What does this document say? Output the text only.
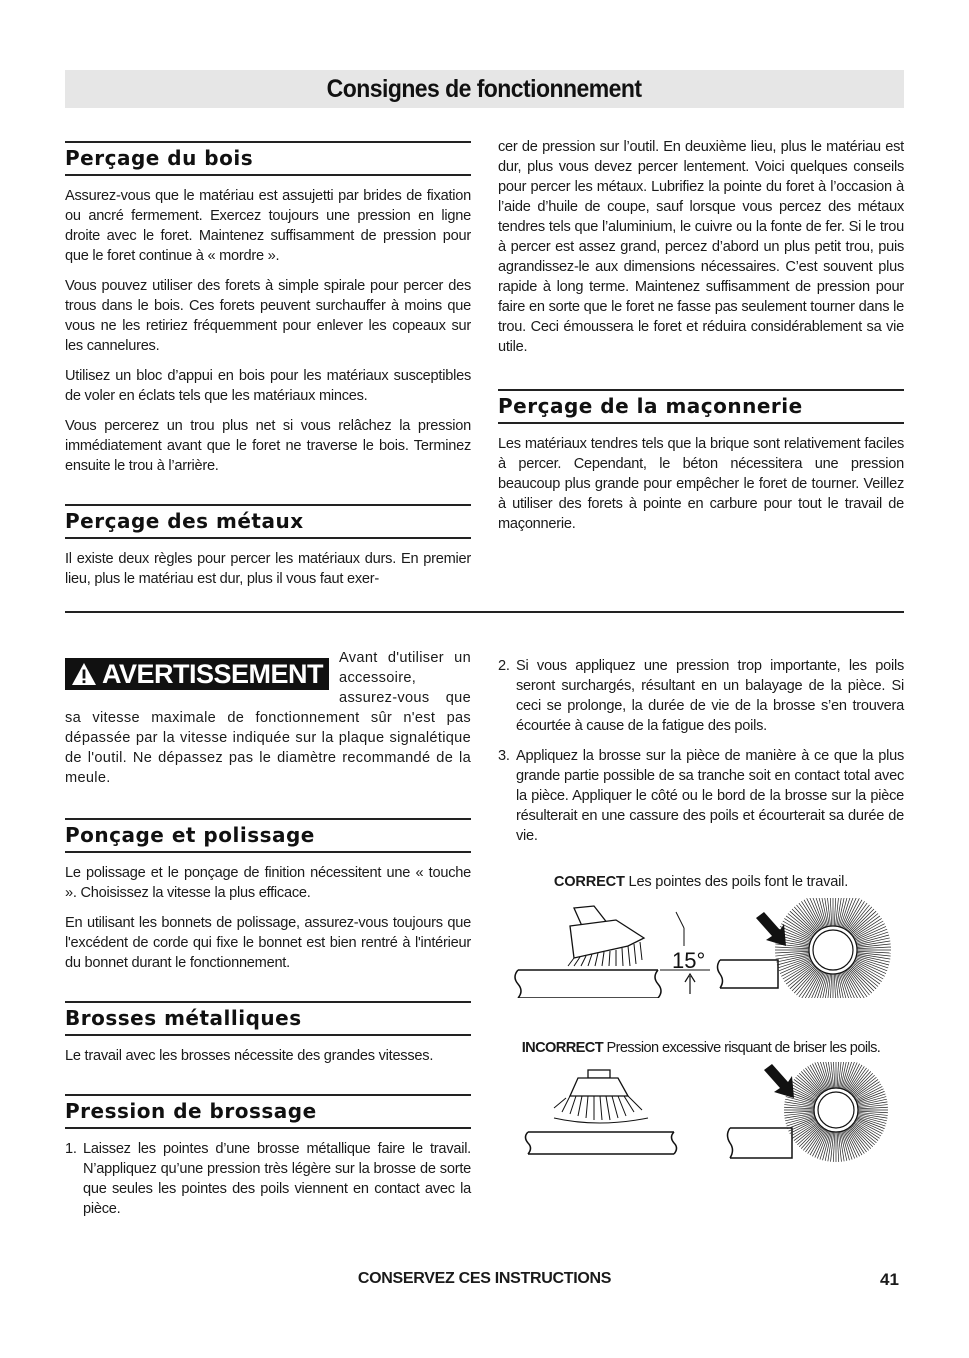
Consignes de fonctionnement
Perçage du bois

Assurez-vous que le matériau est assujetti par brides de fixation ou ancré fermement. Exercez toujours une pression en ligne droite avec le foret. Maintenez suffisamment de pression pour que le foret continue à « mordre ».

Vous pouvez utiliser des forets à simple spirale pour percer des trous dans le bois. Ces forets peuvent surchauffer à moins que vous ne les retiriez fréquemment pour enlever les copeaux sur les cannelures.

Utilisez un bloc d’appui en bois pour les matériaux susceptibles de voler en éclats tels que les matériaux minces.

Vous percerez un trou plus net si vous relâchez la pression immédiatement avant que le foret ne traverse le bois. Terminez ensuite le trou à l’arrière.

Perçage des métaux

Il existe deux règles pour percer les matériaux durs. En premier lieu, plus le matériau est dur, plus il vous faut exer-

cer de pression sur l’outil. En deuxième lieu, plus le matériau est dur, plus vous devez percer lentement. Voici quelques conseils pour percer les métaux. Lubrifiez la pointe du foret à l’occasion à l’aide d’huile de coupe, sauf lorsque vous percez des métaux tendres tels que l’aluminium, le cuivre ou la fonte de fer. Si le trou à percer est assez grand, percez d’abord un plus petit trou, puis agrandissez-le aux dimensions nécessaires. C’est souvent plus rapide à long terme. Maintenez suffisamment de pression pour faire en sorte que le foret ne fasse pas seulement tourner dans le trou. Ceci émoussera le foret et réduira considérablement sa vie utile.

Perçage de la maçonnerie

Les matériaux tendres tels que la brique sont relativement faciles à percer. Cependant, le béton nécessitera une pression beaucoup plus grande pour empêcher le foret de tourner. Veillez à utiliser des forets à pointe en carbure pour tout le travail de maçonnerie.

AVERTISSEMENT

Avant d'utiliser un accessoire, assurez-vous que sa vitesse maximale de fonctionnement sûr n'est pas dépassée par la vitesse indiquée sur la plaque signalétique de l'outil. Ne dépassez pas le diamètre recommandé de la meule.

Ponçage et polissage

Le polissage et le ponçage de finition nécessitent une « touche ». Choisissez la vitesse la plus efficace.

En utilisant les bonnets de polissage, assurez-vous toujours que l'excédent de corde qui fixe le bonnet est bien rentré à l'intérieur du bonnet durant le fonctionnement.

Brosses métalliques

Le travail avec les brosses nécessite des grandes vitesses.

Pression de brossage
1. Laissez les pointes d’une brosse métallique faire le travail. N’appliquez qu’une pression très légère sur la brosse de sorte que seules les pointes des poils viennent en contact avec la pièce.
2. Si vous appliquez une pression trop importante, les poils seront surchargés, résultant en un balayage de la pièce. Si ceci se prolonge, la durée de vie de la brosse s’en trouvera écourtée à cause de la fatigue des poils.
3. Appliquez la brosse sur la pièce de manière à ce que la plus grande partie possible de sa tranche soit en contact total avec la pièce. Appliquer le côté ou le bord de la brosse sur la pièce résulterait en une cassure des poils et écourterait sa durée de vie.

CORRECT Les pointes des poils font le travail.

15°

INCORRECT Pression excessive risquant de briser les poils.

CONSERVEZ CES INSTRUCTIONS	41
